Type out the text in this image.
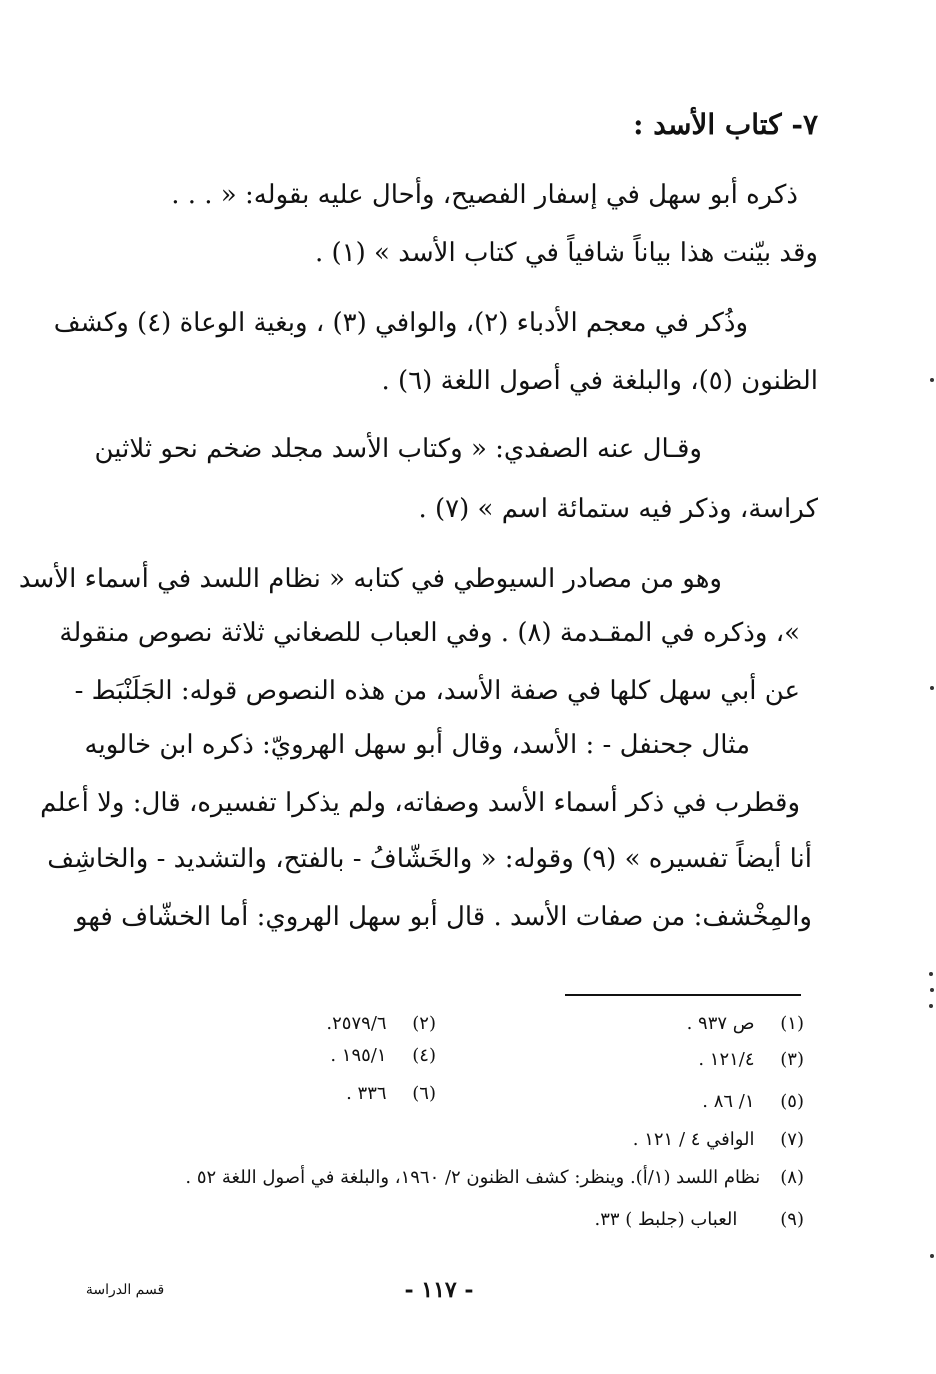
٧- كتاب الأسد :
ذكره أبو سهل في إسفار الفصيح، وأحال عليه بقوله: « . . .
وقد بيّنت هذا بياناً شافياً في كتاب الأسد » (١) .
وذُكر في معجم الأدباء (٢)، والوافي (٣) ، وبغية الوعاة (٤) وكشف
الظنون (٥)، والبلغة في أصول اللغة (٦) .
وقـال عنه الصفدي: « وكتاب الأسد مجلد ضخم نحو ثلاثين
كراسة، وذكر فيه ستمائة اسم » (٧) .
وهو من مصادر السيوطي في كتابه « نظام اللسد في أسماء الأسد
»، وذكره في المقـدمة (٨) . وفي العباب للصغاني ثلاثة نصوص منقولة
عن أبي سهل كلها في صفة الأسد، من هذه النصوص قوله: الجَلَنْبَط -
مثال جحنفل - : الأسد، وقال أبو سهل الهرويّ: ذكره ابن خالويه
وقطرب في ذكر أسماء الأسد وصفاته، ولم يذكرا تفسيره، قال: ولا أعلم
أنا أيضاً تفسيره » (٩) وقوله: « والخَشّافُ - بالفتح، والتشديد - والخاشِف
والمِخْشف: من صفات الأسد . قال أبو سهل الهروي: أما الخشّاف فهو
(١)  ص ٩٣٧ .
(٢)  ٢٥٧٩/٦.
(٣)  ١٢١/٤ .
(٤)  ١٩٥/١ .
(٥)  ١/ ٨٦ .
(٦)  ٣٣٦ .
(٧)  الوافي ٤ / ١٢١ .
(٨) نظام اللسد (١/أ). وينظر: كشف الظنون ٢/ ١٩٦٠، والبلغة في أصول اللغة ٥٢ .
(٩)     العباب (جلبط ) ٣٣.
- ١١٧ -
قسم الدراسة
